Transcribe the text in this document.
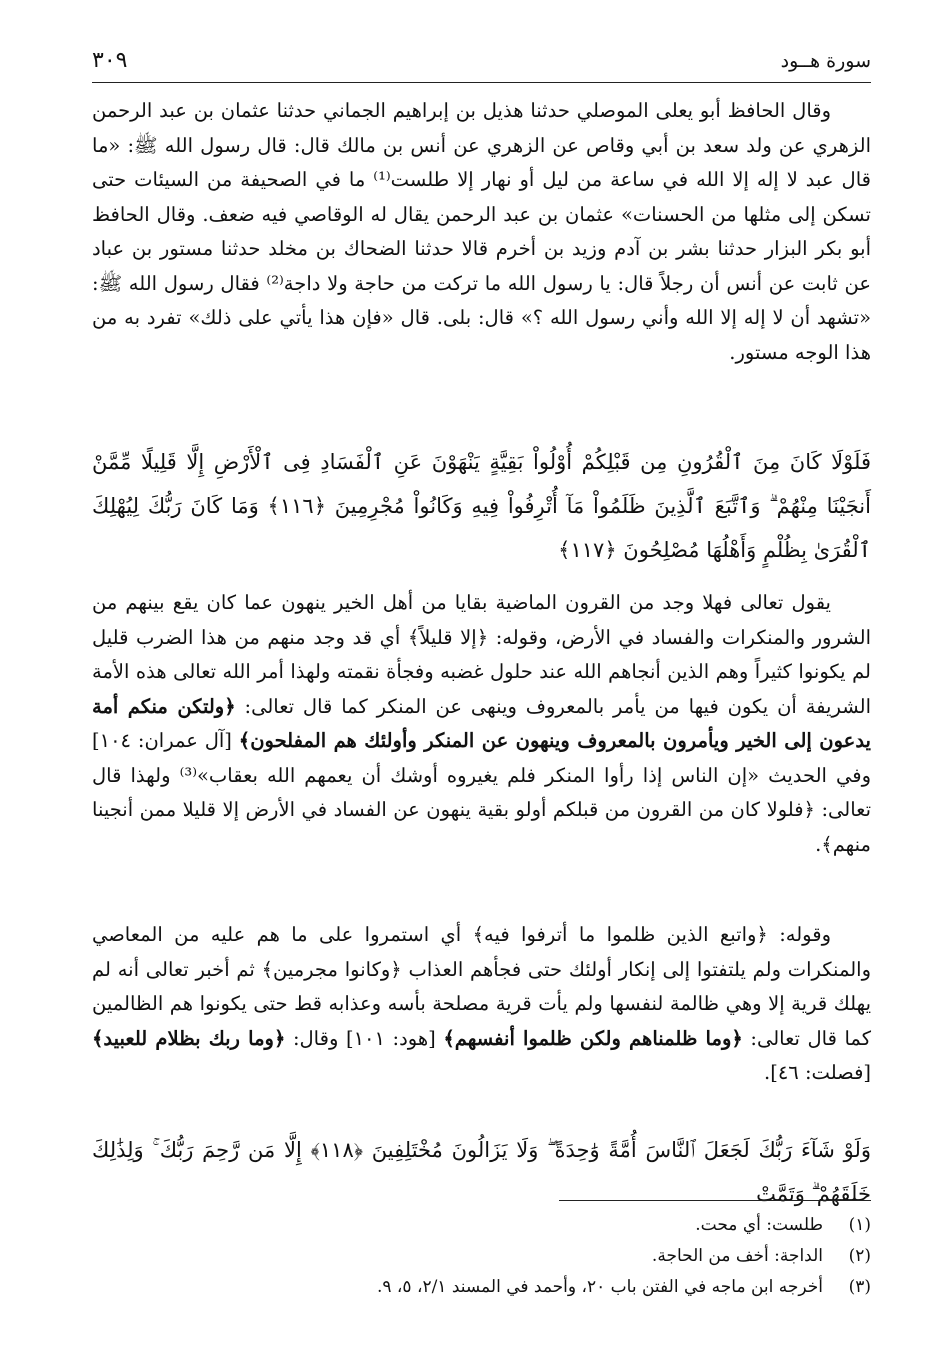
سورة هــود
٣٠٩
وقال الحافظ أبو يعلى الموصلي حدثنا هذيل بن إبراهيم الجماني حدثنا عثمان بن عبد الرحمن الزهري عن ولد سعد بن أبي وقاص عن الزهري عن أنس بن مالك قال: قال رسول الله ﷺ: «ما قال عبد لا إله إلا الله في ساعة من ليل أو نهار إلا طلست⁽¹⁾ ما في الصحيفة من السيئات حتى تسكن إلى مثلها من الحسنات» عثمان بن عبد الرحمن يقال له الوقاصي فيه ضعف. وقال الحافظ أبو بكر البزار حدثنا بشر بن آدم وزيد بن أخرم قالا حدثنا الضحاك بن مخلد حدثنا مستور بن عباد عن ثابت عن أنس أن رجلاً قال: يا رسول الله ما تركت من حاجة ولا داجة⁽²⁾ فقال رسول الله ﷺ: «تشهد أن لا إله إلا الله وأني رسول الله ؟» قال: بلى. قال «فإن هذا يأتي على ذلك» تفرد به من هذا الوجه مستور.
فَلَوْلَا كَانَ مِنَ ٱلْقُرُونِ مِن قَبْلِكُمْ أُوْلُواْ بَقِيَّةٍ يَنْهَوْنَ عَنِ ٱلْفَسَادِ فِى ٱلْأَرْضِ إِلَّا قَلِيلًا مِّمَّنْ أَنجَيْنَا مِنْهُمْ ۗ وَٱتَّبَعَ ٱلَّذِينَ ظَلَمُواْ مَآ أُتْرِفُواْ فِيهِ وَكَانُواْ مُجْرِمِينَ ﴿١١٦﴾ وَمَا كَانَ رَبُّكَ لِيُهْلِكَ ٱلْقُرَىٰ بِظُلْمٍ وَأَهْلُهَا مُصْلِحُونَ ﴿١١٧﴾
يقول تعالى فهلا وجد من القرون الماضية بقايا من أهل الخير ينهون عما كان يقع بينهم من الشرور والمنكرات والفساد في الأرض، وقوله: ﴿إلا قليلاً﴾ أي قد وجد منهم من هذا الضرب قليل لم يكونوا كثيراً وهم الذين أنجاهم الله عند حلول غضبه وفجأة نقمته ولهذا أمر الله تعالى هذه الأمة الشريفة أن يكون فيها من يأمر بالمعروف وينهى عن المنكر كما قال تعالى: ﴿ولتكن منكم أمة يدعون إلى الخير ويأمرون بالمعروف وينهون عن المنكر وأولئك هم المفلحون﴾ [آل عمران: ١٠٤] وفي الحديث «إن الناس إذا رأوا المنكر فلم يغيروه أوشك أن يعمهم الله بعقاب»⁽³⁾ ولهذا قال تعالى: ﴿فلولا كان من القرون من قبلكم أولو بقية ينهون عن الفساد في الأرض إلا قليلا ممن أنجينا منهم﴾.
وقوله: ﴿واتبع الذين ظلموا ما أترفوا فيه﴾ أي استمروا على ما هم عليه من المعاصي والمنكرات ولم يلتفتوا إلى إنكار أولئك حتى فجأهم العذاب ﴿وكانوا مجرمين﴾ ثم أخبر تعالى أنه لم يهلك قرية إلا وهي ظالمة لنفسها ولم يأت قرية مصلحة بأسه وعذابه قط حتى يكونوا هم الظالمين كما قال تعالى: ﴿وما ظلمناهم ولكن ظلموا أنفسهم﴾ [هود: ١٠١] وقال: ﴿وما ربك بظلام للعبيد﴾ [فصلت: ٤٦].
وَلَوْ شَآءَ رَبُّكَ لَجَعَلَ ٱلنَّاسَ أُمَّةً وَٰحِدَةً ۖ وَلَا يَزَالُونَ مُخْتَلِفِينَ ﴿١١٨﴾ إِلَّا مَن رَّحِمَ رَبُّكَ ۚ وَلِذَٰلِكَ خَلَقَهُمْ ۗ وَتَمَّتْ
(١)
طلست: أي محت.
(٢)
الداجة: أخف من الحاجة.
(٣)
أخرجه ابن ماجه في الفتن باب ٢٠، وأحمد في المسند ٢/١، ٥، ٩.
